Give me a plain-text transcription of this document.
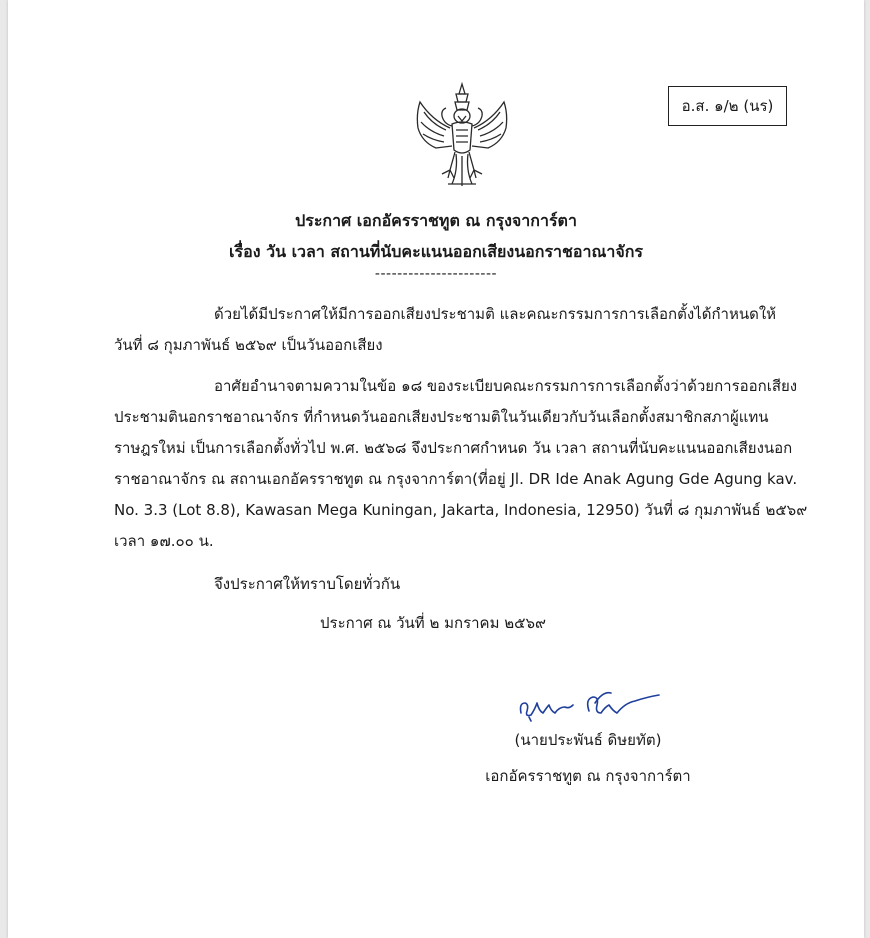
อ.ส. ๑/๒ (นร)
ประกาศ เอกอัครราชทูต ณ กรุงจาการ์ตา
เรื่อง วัน เวลา สถานที่นับคะแนนออกเสียงนอกราชอาณาจักร
----------------------
ด้วยได้มีประกาศให้มีการออกเสียงประชามติ และคณะกรรมการการเลือกตั้งได้กำหนดให้
วันที่ ๘ กุมภาพันธ์ ๒๕๖๙ เป็นวันออกเสียง
อาศัยอำนาจตามความในข้อ ๑๘ ของระเบียบคณะกรรมการการเลือกตั้งว่าด้วยการออกเสียง
ประชามตินอกราชอาณาจักร ที่กำหนดวันออกเสียงประชามติในวันเดียวกับวันเลือกตั้งสมาชิกสภาผู้แทน
ราษฎรใหม่ เป็นการเลือกตั้งทั่วไป พ.ศ. ๒๕๖๘ จึงประกาศกำหนด วัน เวลา สถานที่นับคะแนนออกเสียงนอก
ราชอาณาจักร ณ สถานเอกอัครราชทูต ณ กรุงจาการ์ตา(ที่อยู่ Jl. DR Ide Anak Agung Gde Agung kav.
No. 3.3 (Lot 8.8), Kawasan Mega Kuningan, Jakarta, Indonesia, 12950) วันที่ ๘ กุมภาพันธ์ ๒๕๖๙
เวลา ๑๗.๐๐ น.
จึงประกาศให้ทราบโดยทั่วกัน
ประกาศ ณ วันที่ ๒ มกราคม ๒๕๖๙
(นายประพันธ์ ดิษยทัต)
เอกอัครราชทูต ณ กรุงจาการ์ตา
